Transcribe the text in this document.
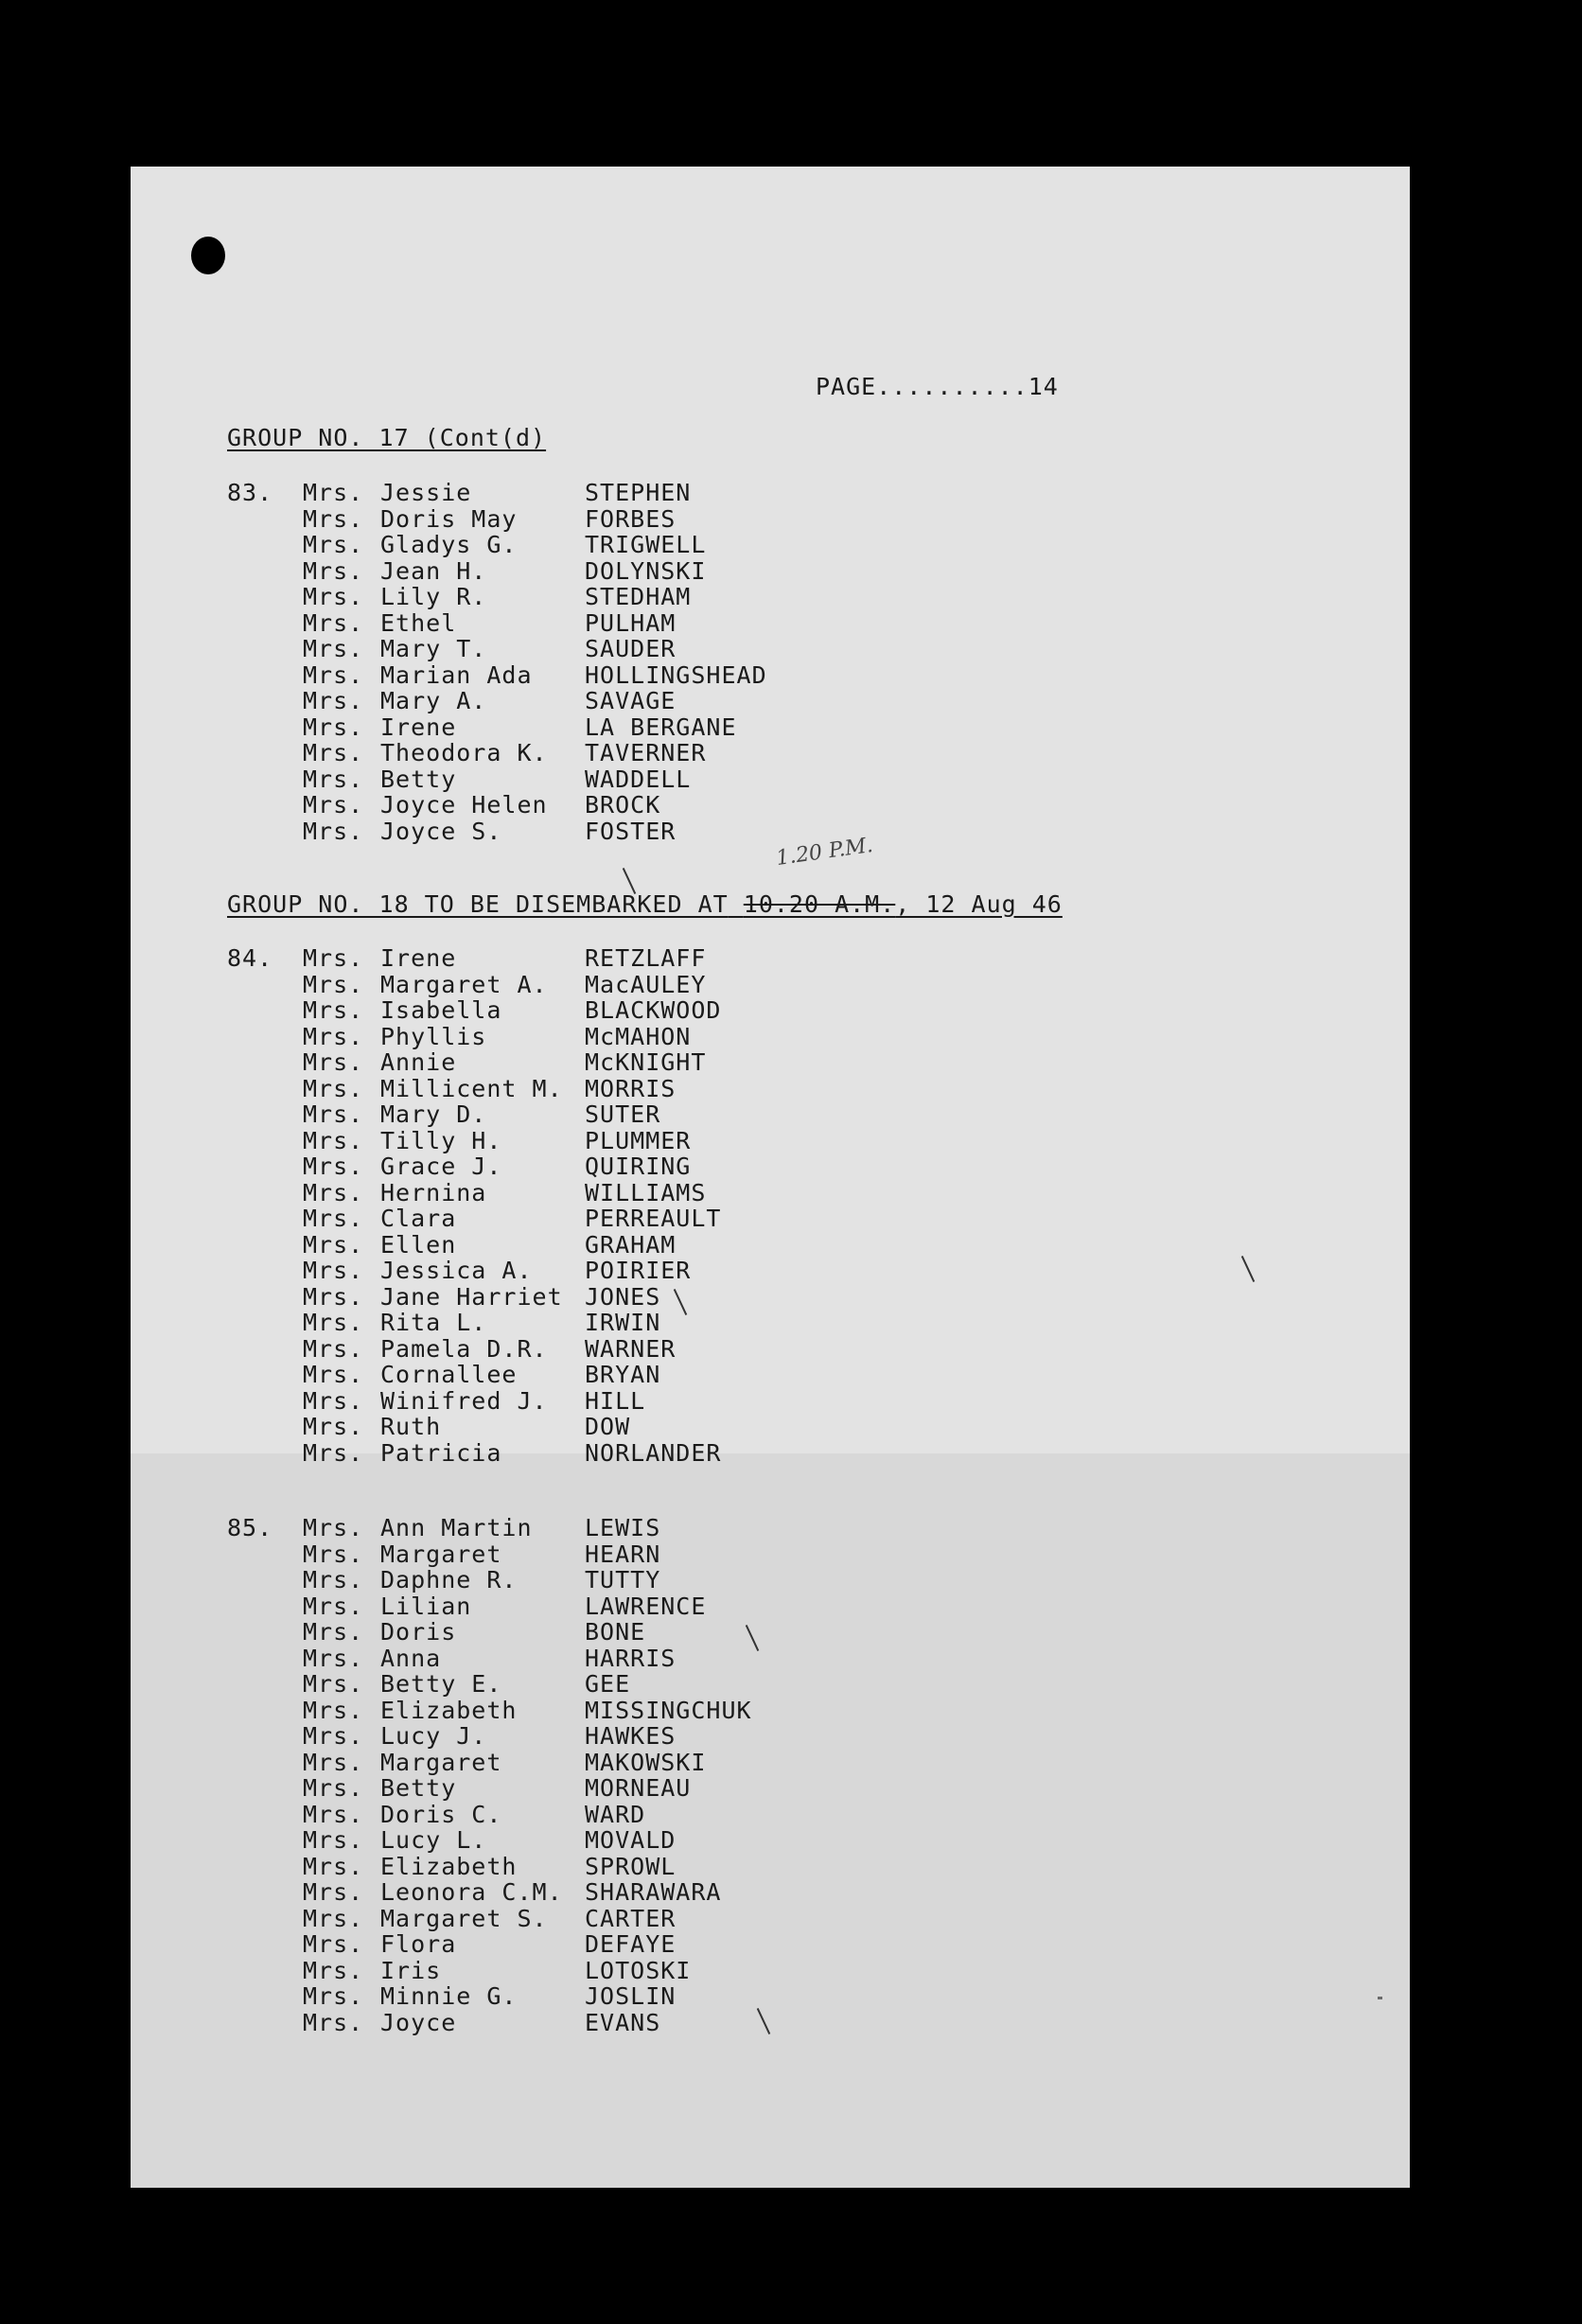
PAGE..........14
GROUP NO. 17 (Cont(d)
1.20 P.M.
GROUP NO. 18 TO BE DISEMBARKED AT 10.20 A.M., 12 Aug 46
83. Mrs. Jessie	STEPHEN
Mrs. Doris May	FORBES
Mrs. Gladys G.	TRIGWELL
Mrs. Jean H.	DOLYNSKI
Mrs. Lily R.	STEDHAM
Mrs. Ethel	PULHAM
Mrs. Mary T.	SAUDER
Mrs. Marian Ada HOLLINGSHEAD
Mrs. Mary A.	SAVAGE
Mrs. Irene	LA BERGANE
Mrs. Theodora K. TAVERNER
Mrs. Betty	WADDELL
Mrs. Joyce Helen BROCK
Mrs. Joyce S.	FOSTER
84. Mrs. Irene	RETZLAFF
Mrs. Margaret A. MacAULEY
Mrs. Isabella	BLACKWOOD
Mrs. Phyllis	McMAHON
Mrs. Annie	McKNIGHT
Mrs. Millicent M. MORRIS
Mrs. Mary D.	SUTER
Mrs. Tilly H.	PLUMMER
Mrs. Grace J.	QUIRING
Mrs. Hernina	WILLIAMS
Mrs. Clara	PERREAULT
Mrs. Ellen	GRAHAM
Mrs. Jessica A. POIRIER
Mrs. Jane Harriet JONES
Mrs. Rita L.	IRWIN
Mrs. Pamela D.R. WARNER
Mrs. Cornallee	BRYAN
Mrs. Winifred J. HILL
Mrs. Ruth	DOW
Mrs. Patricia	NORLANDER
85. Mrs. Ann Martin LEWIS
Mrs. Margaret	HEARN
Mrs. Daphne R.	TUTTY
Mrs. Lilian	LAWRENCE
Mrs. Doris	BONE
Mrs. Anna	HARRIS
Mrs. Betty E.	GEE
Mrs. Elizabeth	MISSINGCHUK
Mrs. Lucy J.	HAWKES
Mrs. Margaret	MAKOWSKI
Mrs. Betty	MORNEAU
Mrs. Doris C.	WARD
Mrs. Lucy L.	MOVALD
Mrs. Elizabeth	SPROWL
Mrs. Leonora C.M. SHARAWARA
Mrs. Margaret S. CARTER
Mrs. Flora	DEFAYE
Mrs. Iris	LOTOSKI
Mrs. Minnie G.	JOSLIN
Mrs. Joyce	EVANS
